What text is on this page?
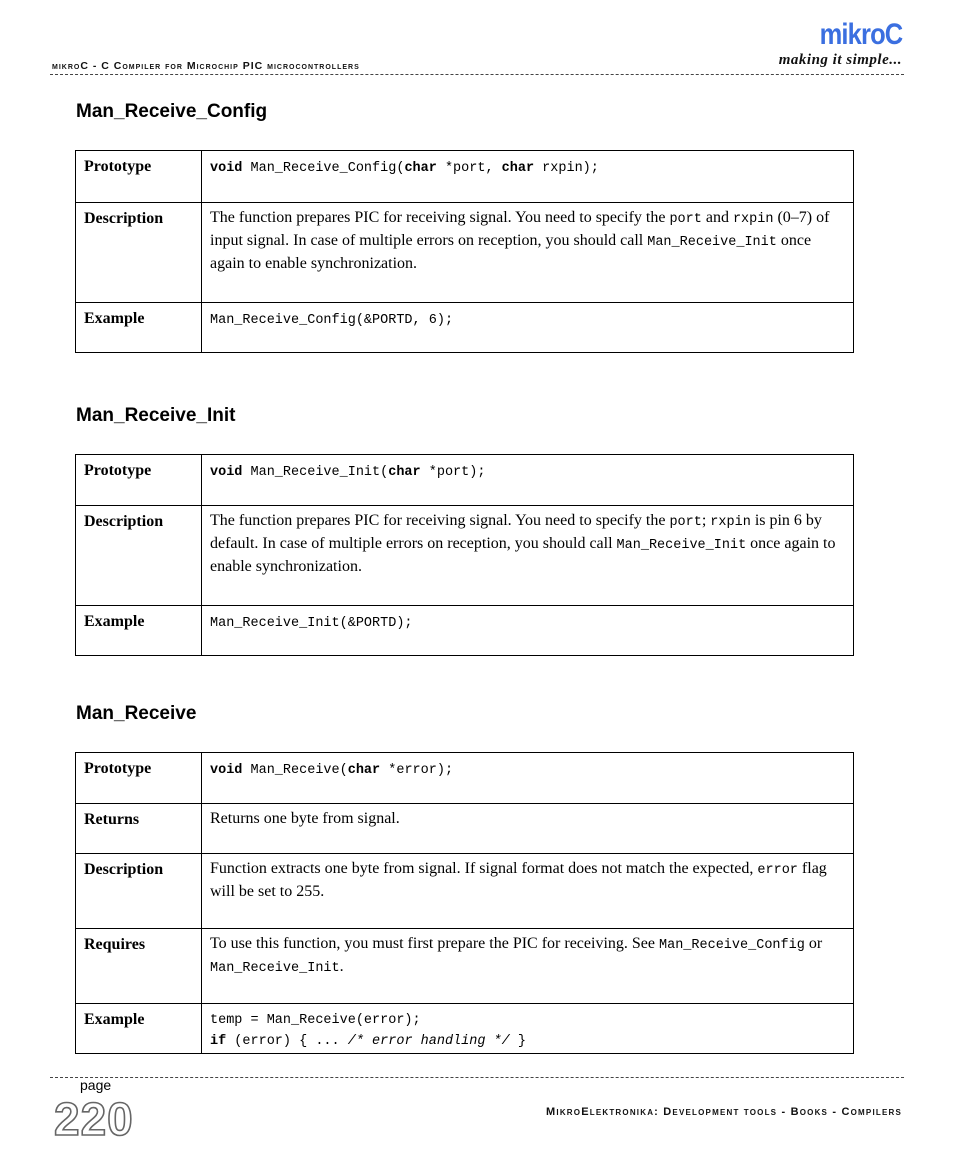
mikroC
mikroC - C Compiler for Microchip PIC microcontrollers	making it simple...
Man_Receive_Config
Prototype	void Man_Receive_Config(char *port, char rxpin);
Description	The function prepares PIC for receiving signal. You need to specify the port and rxpin (0–7) of input signal. In case of multiple errors on reception, you should call Man_Receive_Init once again to enable synchronization.
Example	Man_Receive_Config(&PORTD, 6);
Man_Receive_Init
Prototype	void Man_Receive_Init(char *port);
Description	The function prepares PIC for receiving signal. You need to specify the port; rxpin is pin 6 by default. In case of multiple errors on reception, you should call Man_Receive_Init once again to enable synchronization.
Example	Man_Receive_Init(&PORTD);
Man_Receive
Prototype	void Man_Receive(char *error);
Returns	Returns one byte from signal.
Description	Function extracts one byte from signal. If signal format does not match the expected, error flag will be set to 255.
Requires	To use this function, you must first prepare the PIC for receiving. See Man_Receive_Config or Man_Receive_Init.
Example	temp = Man_Receive(error);
if (error) { ... /* error handling */ }
page
220	MikroElektronika: Development tools - Books - Compilers
